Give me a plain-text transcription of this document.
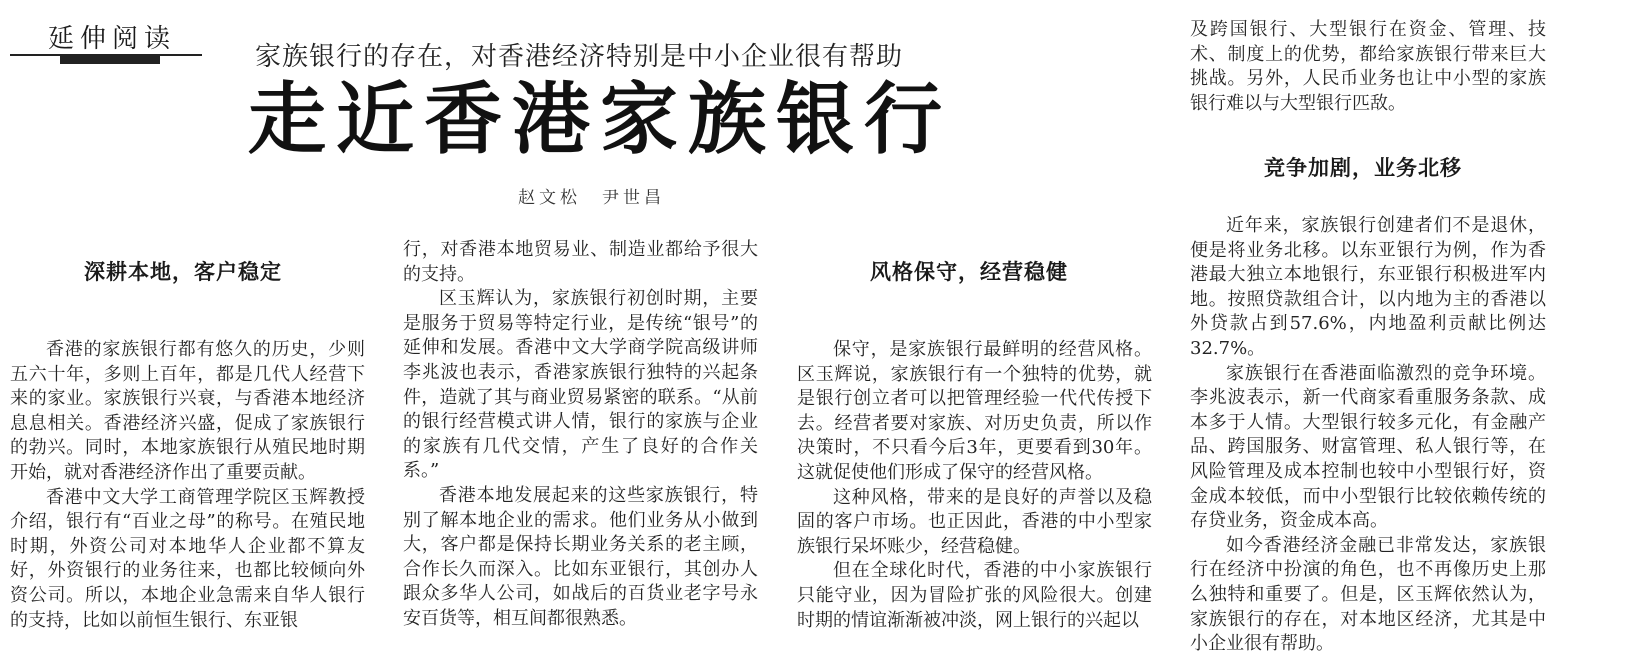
延伸阅读
家族银行的存在，对香港经济特别是中小企业很有帮助
走近香港家族银行
赵文松　尹世昌
深耕本地，客户稳定

香港的家族银行都有悠久的历史，少则五六十年，多则上百年，都是几代人经营下来的家业。家族银行兴衰，与香港本地经济息息相关。香港经济兴盛，促成了家族银行的勃兴。同时，本地家族银行从殖民地时期开始，就对香港经济作出了重要贡献。

香港中文大学工商管理学院区玉辉教授介绍，银行有“百业之母”的称号。在殖民地时期，外资公司对本地华人企业都不算友好，外资银行的业务往来，也都比较倾向外资公司。所以，本地企业急需来自华人银行的支持，比如以前恒生银行、东亚银

行，对香港本地贸易业、制造业都给予很大的支持。

区玉辉认为，家族银行初创时期，主要是服务于贸易等特定行业，是传统“银号”的延伸和发展。香港中文大学商学院高级讲师李兆波也表示，香港家族银行独特的兴起条件，造就了其与商业贸易紧密的联系。“从前的银行经营模式讲人情，银行的家族与企业的家族有几代交情，产生了良好的合作关系。”

香港本地发展起来的这些家族银行，特别了解本地企业的需求。他们业务从小做到大，客户都是保持长期业务关系的老主顾，合作长久而深入。比如东亚银行，其创办人跟众多华人公司，如战后的百货业老字号永安百货等，相互间都很熟悉。

风格保守，经营稳健

保守，是家族银行最鲜明的经营风格。区玉辉说，家族银行有一个独特的优势，就是银行创立者可以把管理经验一代代传授下去。经营者要对家族、对历史负责，所以作决策时，不只看今后3年，更要看到30年。这就促使他们形成了保守的经营风格。

这种风格，带来的是良好的声誉以及稳固的客户市场。也正因此，香港的中小型家族银行呆坏账少，经营稳健。

但在全球化时代，香港的中小家族银行只能守业，因为冒险扩张的风险很大。创建时期的情谊渐渐被冲淡，网上银行的兴起以

及跨国银行、大型银行在资金、管理、技术、制度上的优势，都给家族银行带来巨大挑战。另外，人民币业务也让中小型的家族银行难以与大型银行匹敌。

竞争加剧，业务北移

近年来，家族银行创建者们不是退休，便是将业务北移。以东亚银行为例，作为香港最大独立本地银行，东亚银行积极进军内地。按照贷款组合计，以内地为主的香港以外贷款占到57.6%，内地盈利贡献比例达32.7%。

家族银行在香港面临激烈的竞争环境。李兆波表示，新一代商家看重服务条款、成本多于人情。大型银行较多元化，有金融产品、跨国服务、财富管理、私人银行等，在风险管理及成本控制也较中小型银行好，资金成本较低，而中小型银行比较依赖传统的存贷业务，资金成本高。

如今香港经济金融已非常发达，家族银行在经济中扮演的角色，也不再像历史上那么独特和重要了。但是，区玉辉依然认为，家族银行的存在，对本地区经济，尤其是中小企业很有帮助。
